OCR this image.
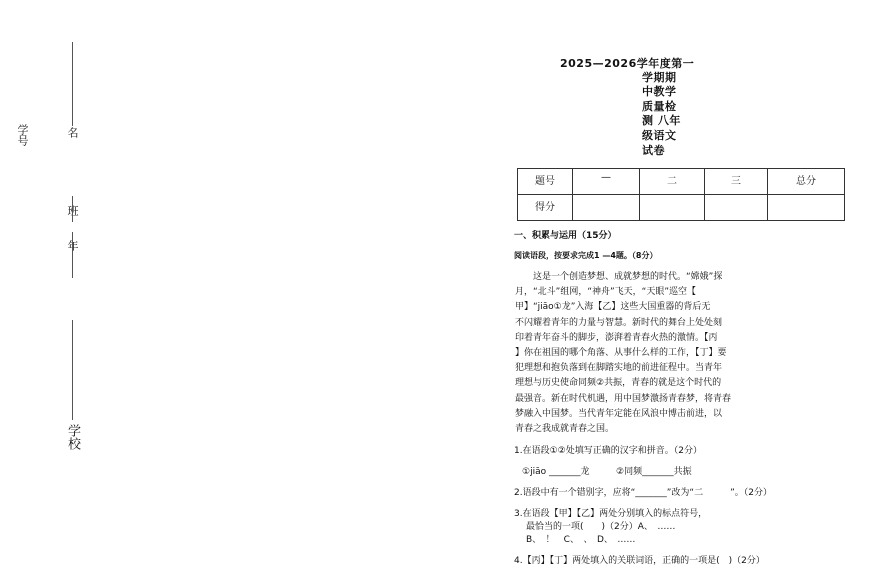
学号	名
班
年
学校
2025—2026学年度第一
学期期
中教学
质量检
测 八年
级语文
试卷
题号	—	二	三	总分
得分				
一、积累与运用（15分）
阅读语段，按要求完成1 —4题。（8分）
这是一个创造梦想、成就梦想的时代。“嫦娥”探
月，“北斗”组网，“神舟”飞天，“天眼”巡空【
甲】“jiāo①龙”入海【乙】这些大国重器的背后无
不闪耀着青年的力量与智慧。新时代的舞台上处处刻
印着青年奋斗的脚步，澎湃着青春火热的激情。【丙
】你在祖国的哪个角落、从事什么样的工作，【丁】要
犯理想和抱负落到在脚踏实地的前进征程中。当青年
理想与历史使命同频②共振，青春的就是这个时代的
最强音。新在时代机遇，用中国梦激扬青春梦，将青春
梦融入中国梦。当代青年定能在风浪中博击前进，以
青春之我成就青春之国。
1.在语段①②处填写正确的汉字和拼音。（2分）
①jiāo _______龙	②同频_______共振
2.语段中有一个错别字，应将“_______”改为“二　　　”。（2分）
3.在语段【甲】【乙】两处分别填入的标点符号，
最恰当的一项(　　)（2分）A、　……
B、　！　C、　、　D、　……
4.【丙】【丁】两处填入的关联词语，正确的一项是(　)（2分）
